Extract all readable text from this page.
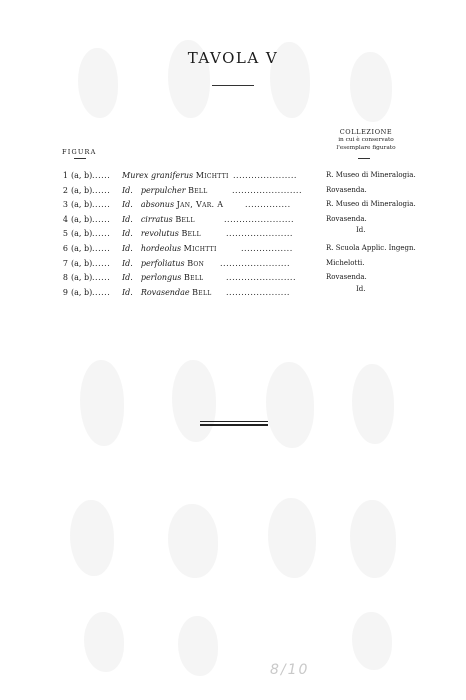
TAVOLA V
FIGURA
COLLEZIONE
in cui è conservato
l'esemplare figurato
1 (a, b) ...... Murex graniferus Michtti .....................	R. Museo di Mineralogia.
2 (a, b) ...... Id.  perpulcher Bell	.......................	Rovasenda.
3 (a, b) ...... Id.  absonus Jan, Var. A	...............	R. Museo di Mineralogia.
4 (a, b) ...... Id.  cirratus Bell	.......................	Rovasenda.
5 (a, b) ...... Id.  revolutus Bell	......................	Id.
6 (a, b) ...... Id.  hordeolus Michtti	.................	R. Scuola Applic. Ingegn.
7 (a, b) ...... Id.  perfoliatus Bon .......................	Michelotti.
8 (a, b) ...... Id.  perlongus Bell	.......................	Rovasenda.
9 (a, b) ...... Id.  Rovasendae Bell .....................	Id.
8/10
